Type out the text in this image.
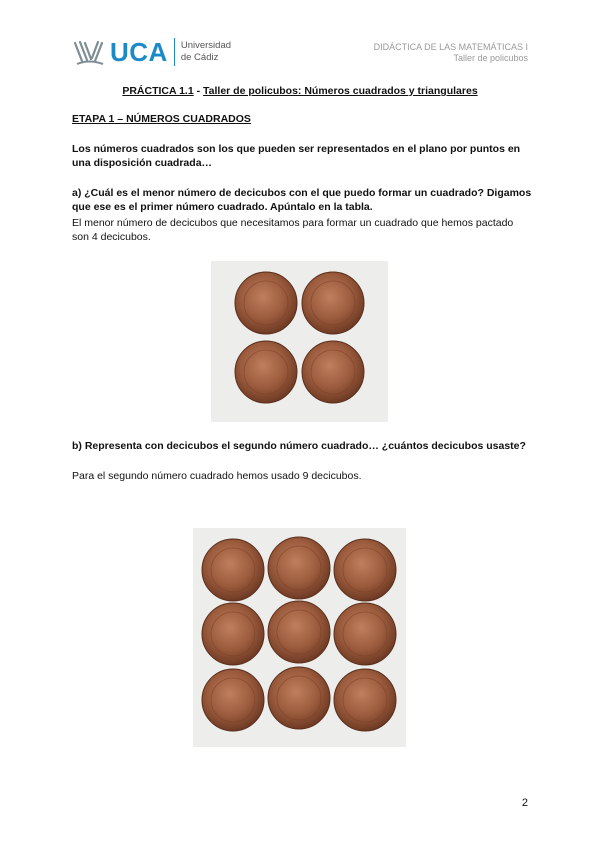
UCA Universidad
de Cádiz
DIDÁCTICA DE LAS MATEMÁTICAS I
Taller de policubos
PRÁCTICA 1.1 - Taller de policubos: Números cuadrados y triangulares
ETAPA 1 – NÚMEROS CUADRADOS
Los números cuadrados son los que pueden ser representados en el plano por puntos en una disposición cuadrada…
a) ¿Cuál es el menor número de decicubos con el que puedo formar un cuadrado? Digamos que ese es el primer número cuadrado. Apúntalo en la tabla.
El menor número de decicubos que necesitamos para formar un cuadrado que hemos pactado son 4 decicubos.
b) Representa con decicubos el segundo número cuadrado… ¿cuántos decicubos usaste?
Para el segundo número cuadrado hemos usado 9 decicubos.
2
